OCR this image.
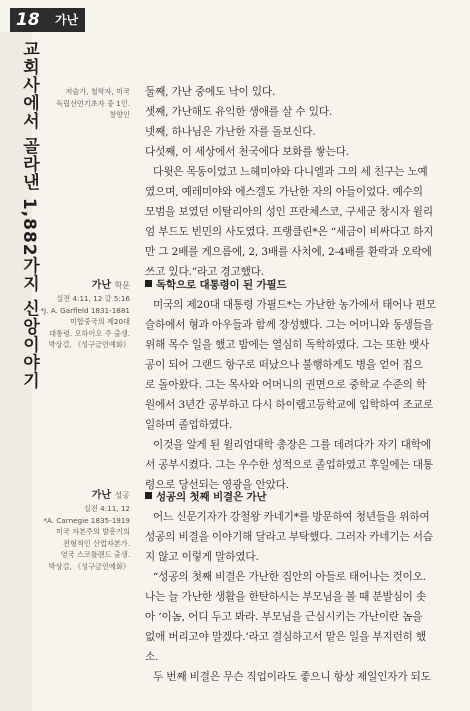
18 가난
교회사에서 골라낸 1,882가지 신앙이야기	저술가, 철학자, 미국
독립선언기초자 중 1인.
창향인
가난 학문
실전 4:11, 12 갈 5:16
*J. A. Garfield 1831-1881
미합중국의 제20대
대통령. 오하이오 주 출생.
박상걸, 《성구금언예화》
가난 성공
실전 4:11, 12
*A. Carnegie 1835-1919
미국 자본주의 발흥기의
전형적인 산업자본가.
영국 스코틀랜드 출생.
박상걸, 《성구금언예화》
둘째, 가난 중에도 낙이 있다.
셋째, 가난해도 유익한 생애를 살 수 있다.
넷째, 하나님은 가난한 자를 돌보신다.
다섯째, 이 세상에서 천국에다 보화를 쌓는다.
다윗은 목동이었고 느헤미야와 다니엘과 그의 세 친구는 노예
였으며, 예레미야와 에스겔도 가난한 자의 아들이었다. 예수의
모범을 보였던 이탈리아의 성인 프란체스코, 구세군 창시자 윌리
엄 부드도 빈민의 사도였다. 프랭클린*은 “세금이 비싸다고 하지
만 그 2배를 게으름에, 2, 3배를 사치에, 2-4배를 환락과 오락에
쓰고 있다.”라고 경고했다.
독학으로 대통령이 된 가필드
미국의 제20대 대통령 가필드*는 가난한 농가에서 태어나 편모
슬하에서 형과 아우들과 함께 장성했다. 그는 어머니와 동생들을
위해 목수 일을 했고 밤에는 열심히 독학하였다. 그는 또한 뱃사
공이 되어 그랜드 항구로 떠났으나 불행하게도 병을 얻어 집으
로 돌아왔다. 그는 목사와 어머니의 권면으로 중학교 수준의 학
원에서 3년간 공부하고 다시 하이램고등학교에 입학하여 조교로
일하며 졸업하였다.
이것을 알게 된 윌리엄대학 총장은 그를 데려다가 자기 대학에
서 공부시켰다. 그는 우수한 성적으로 졸업하였고 후일에는 대통
령으로 당선되는 영광을 안았다.
성공의 첫째 비결은 가난
어느 신문기자가 강철왕 카네기*를 방문하여 청년들을 위하여
성공의 비결을 이야기해 달라고 부탁했다. 그러자 카네기는 서슴
지 않고 이렇게 말하였다.
“성공의 첫째 비결은 가난한 집안의 아들로 태어나는 것이오.
나는 늘 가난한 생활을 한탄하시는 부모님을 볼 때 분발심이 솟
아 ‘이놈, 어디 두고 봐라. 부모님을 근심시키는 가난이란 놈을
없애 버리고야 말겠다.’라고 결심하고서 맡은 일을 부지런히 했
소.
두 번째 비결은 무슨 직업이라도 좋으니 항상 제일인자가 되도
